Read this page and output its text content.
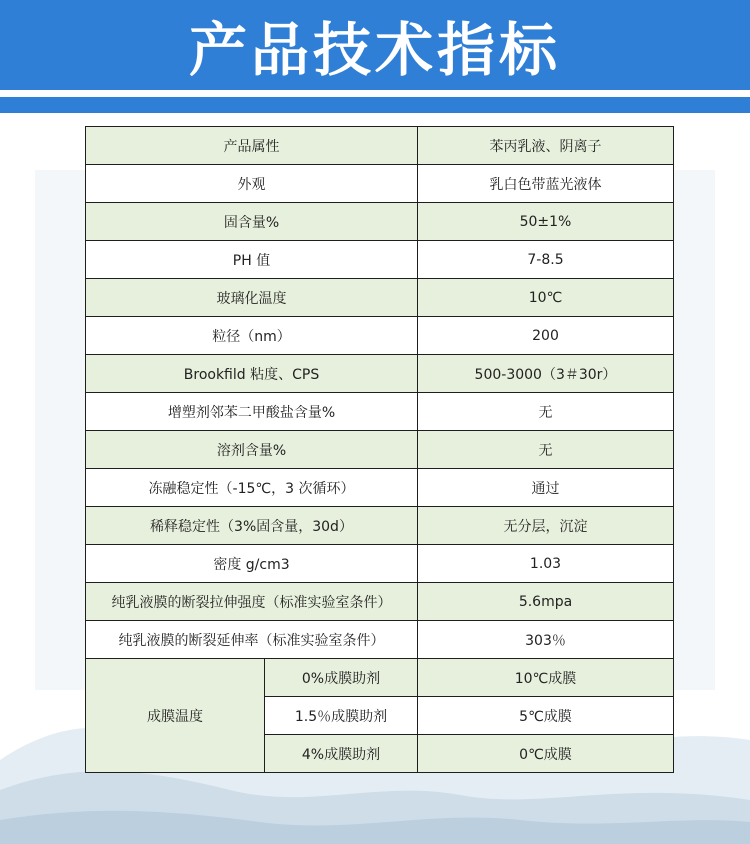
产品技术指标
产品属性		苯丙乳液、阴离子
外观		乳白色带蓝光液体
固含量%		50±1%
PH 值		7-8.5
玻璃化温度		10℃
粒径（nm）		200
Brookfild 粘度、CPS		500-3000（3＃30r）
增塑剂邻苯二甲酸盐含量%		无
溶剂含量%		无
冻融稳定性（-15℃，3 次循环）		通过
稀释稳定性（3%固含量，30d）		无分层，沉淀
密度 g/cm3		1.03
纯乳液膜的断裂拉伸强度（标准实验室条件）		5.6mpa
纯乳液膜的断裂延伸率（标准实验室条件）		303％
成膜温度	0%成膜助剂	10℃成膜
	1.5％成膜助剂	5℃成膜
	4%成膜助剂	0℃成膜
